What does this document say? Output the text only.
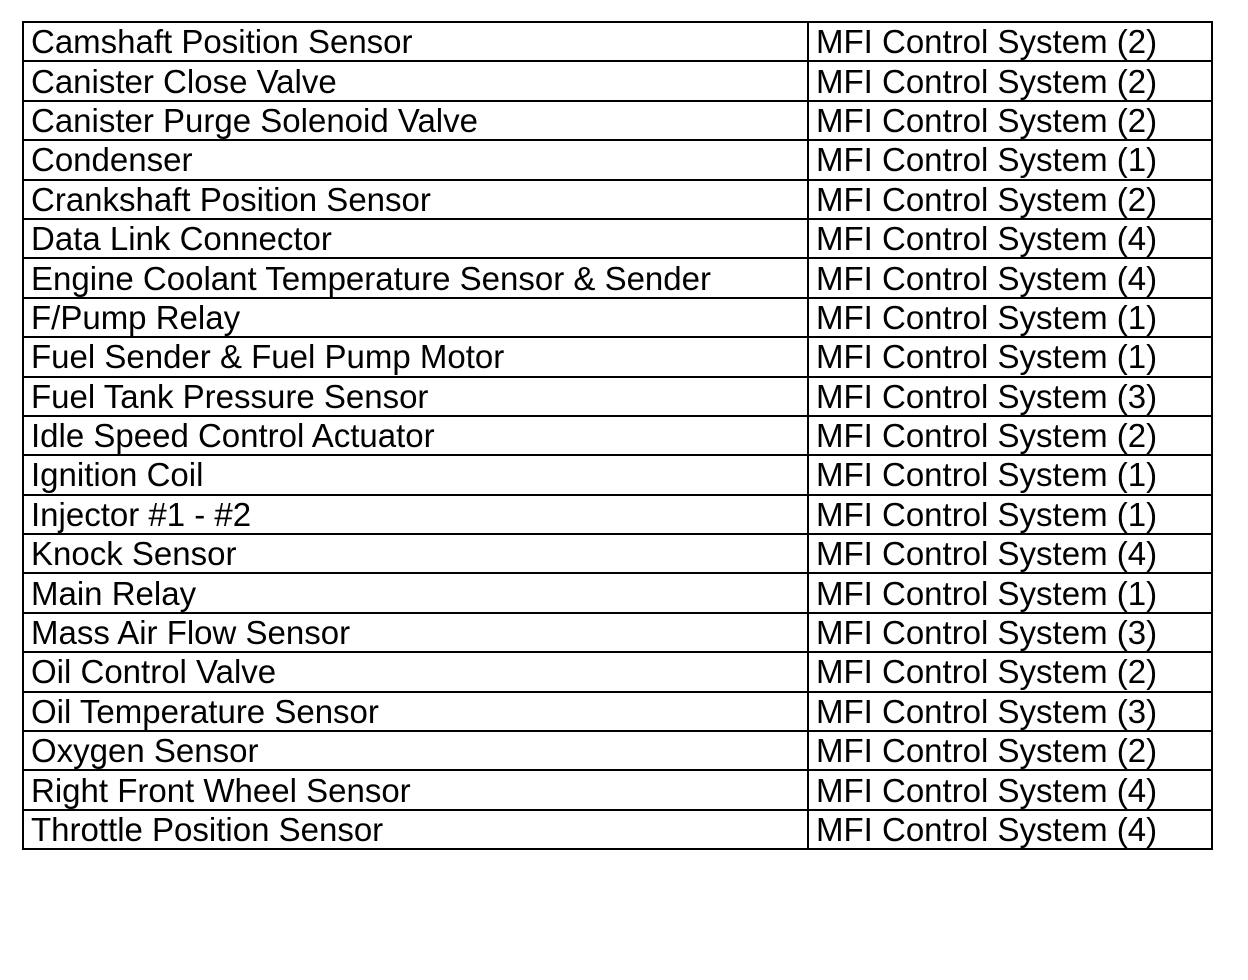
Camshaft Position Sensor	MFI Control System (2)
Canister Close Valve	MFI Control System (2)
Canister Purge Solenoid Valve	MFI Control System (2)
Condenser	MFI Control System (1)
Crankshaft Position Sensor	MFI Control System (2)
Data Link Connector	MFI Control System (4)
Engine Coolant Temperature Sensor & Sender	MFI Control System (4)
F/Pump Relay	MFI Control System (1)
Fuel Sender & Fuel Pump Motor	MFI Control System (1)
Fuel Tank Pressure Sensor	MFI Control System (3)
Idle Speed Control Actuator	MFI Control System (2)
Ignition Coil	MFI Control System (1)
Injector #1 - #2	MFI Control System (1)
Knock Sensor	MFI Control System (4)
Main Relay	MFI Control System (1)
Mass Air Flow Sensor	MFI Control System (3)
Oil Control Valve	MFI Control System (2)
Oil Temperature Sensor	MFI Control System (3)
Oxygen Sensor	MFI Control System (2)
Right Front Wheel Sensor	MFI Control System (4)
Throttle Position Sensor	MFI Control System (4)
